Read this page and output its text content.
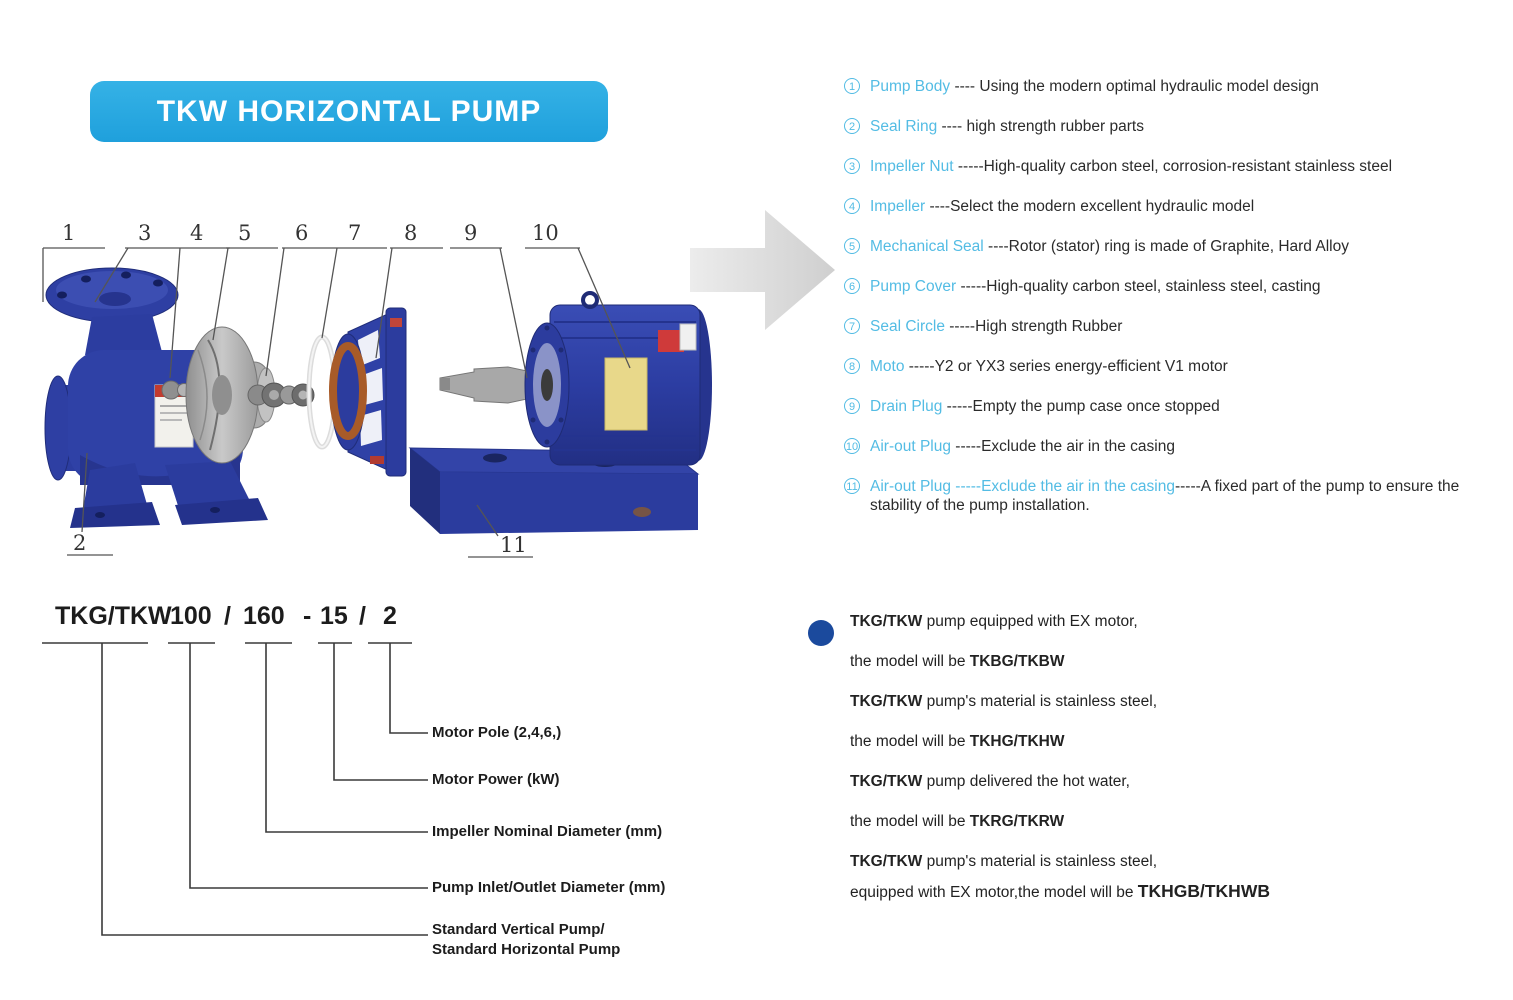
TKW HORIZONTAL PUMP
1	3 4 5 6 7 8 9	10
2	11
1 Pump Body ---- Using the modern optimal hydraulic model design
2 Seal Ring ---- high strength rubber parts
3 Impeller Nut -----High-quality carbon steel, corrosion-resistant stainless steel
4 Impeller ----Select the modern excellent hydraulic model
5 Mechanical Seal ----Rotor (stator) ring is made of Graphite, Hard Alloy
6 Pump Cover -----High-quality carbon steel, stainless steel, casting
7 Seal Circle -----High strength Rubber
8 Moto -----Y2 or YX3 series energy-efficient V1 motor
9 Drain Plug -----Empty the pump case once stopped
10 Air-out Plug -----Exclude the air in the casing
11 Air-out Plug -----Exclude the air in the casing-----A fixed part of the pump to ensure the stability of the pump installation.
TKG/TKW
100 / 160 - 15 / 2
Motor Pole (2,4,6,)
Motor Power (kW)
Impeller Nominal Diameter (mm)
Pump Inlet/Outlet Diameter (mm)
Standard Vertical Pump/
Standard Horizontal Pump
TKG/TKW pump equipped with EX motor,
the model will be TKBG/TKBW
TKG/TKW pump's material is stainless steel,
the model will be TKHG/TKHW
TKG/TKW pump delivered the hot water,
the model will be TKRG/TKRW
TKG/TKW pump's material is stainless steel,
equipped with EX motor,the model will be TKHGB/TKHWB
